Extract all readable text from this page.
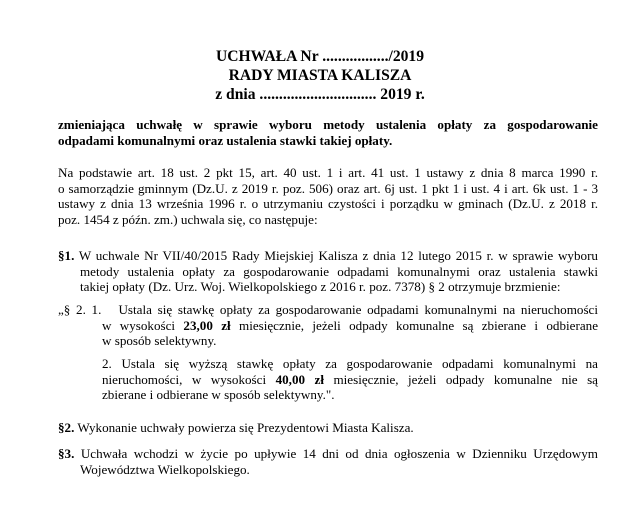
UCHWAŁA Nr ................./2019
RADY MIASTA KALISZA
z dnia .............................. 2019 r.

zmieniająca uchwałę w sprawie wyboru metody ustalenia opłaty za gospodarowanie

odpadami komunalnymi oraz ustalenia stawki takiej opłaty.

Na podstawie art. 18 ust. 2 pkt 15, art. 40 ust. 1 i art. 41 ust. 1 ustawy z dnia 8 marca 1990 r.

o samorządzie gminnym (Dz.U. z 2019 r. poz. 506) oraz art. 6j ust. 1 pkt 1 i ust. 4 i art. 6k ust. 1 - 3

ustawy z dnia 13 września 1996 r. o utrzymaniu czystości i porządku w gminach (Dz.U. z 2018 r.

poz. 1454 z późn. zm.) uchwala się, co następuje:

§1. W uchwale Nr VII/40/2015 Rady Miejskiej Kalisza z dnia 12 lutego 2015 r. w sprawie wyboru

metody ustalenia opłaty za gospodarowanie odpadami komunalnymi oraz ustalenia stawki

takiej opłaty (Dz. Urz. Woj. Wielkopolskiego z 2016 r. poz. 7378) § 2 otrzymuje brzmienie:

„§ 2. 1. Ustala się stawkę opłaty za gospodarowanie odpadami komunalnymi na nieruchomości

w wysokości 23,00 zł miesięcznie, jeżeli odpady komunalne są zbierane i odbierane

w sposób selektywny.

2. Ustala się wyższą stawkę opłaty za gospodarowanie odpadami komunalnymi na

nieruchomości, w wysokości 40,00 zł miesięcznie, jeżeli odpady komunalne nie są

zbierane i odbierane w sposób selektywny.".

§2. Wykonanie uchwały powierza się Prezydentowi Miasta Kalisza.

§3. Uchwała wchodzi w życie po upływie 14 dni od dnia ogłoszenia w Dzienniku Urzędowym

Województwa Wielkopolskiego.
